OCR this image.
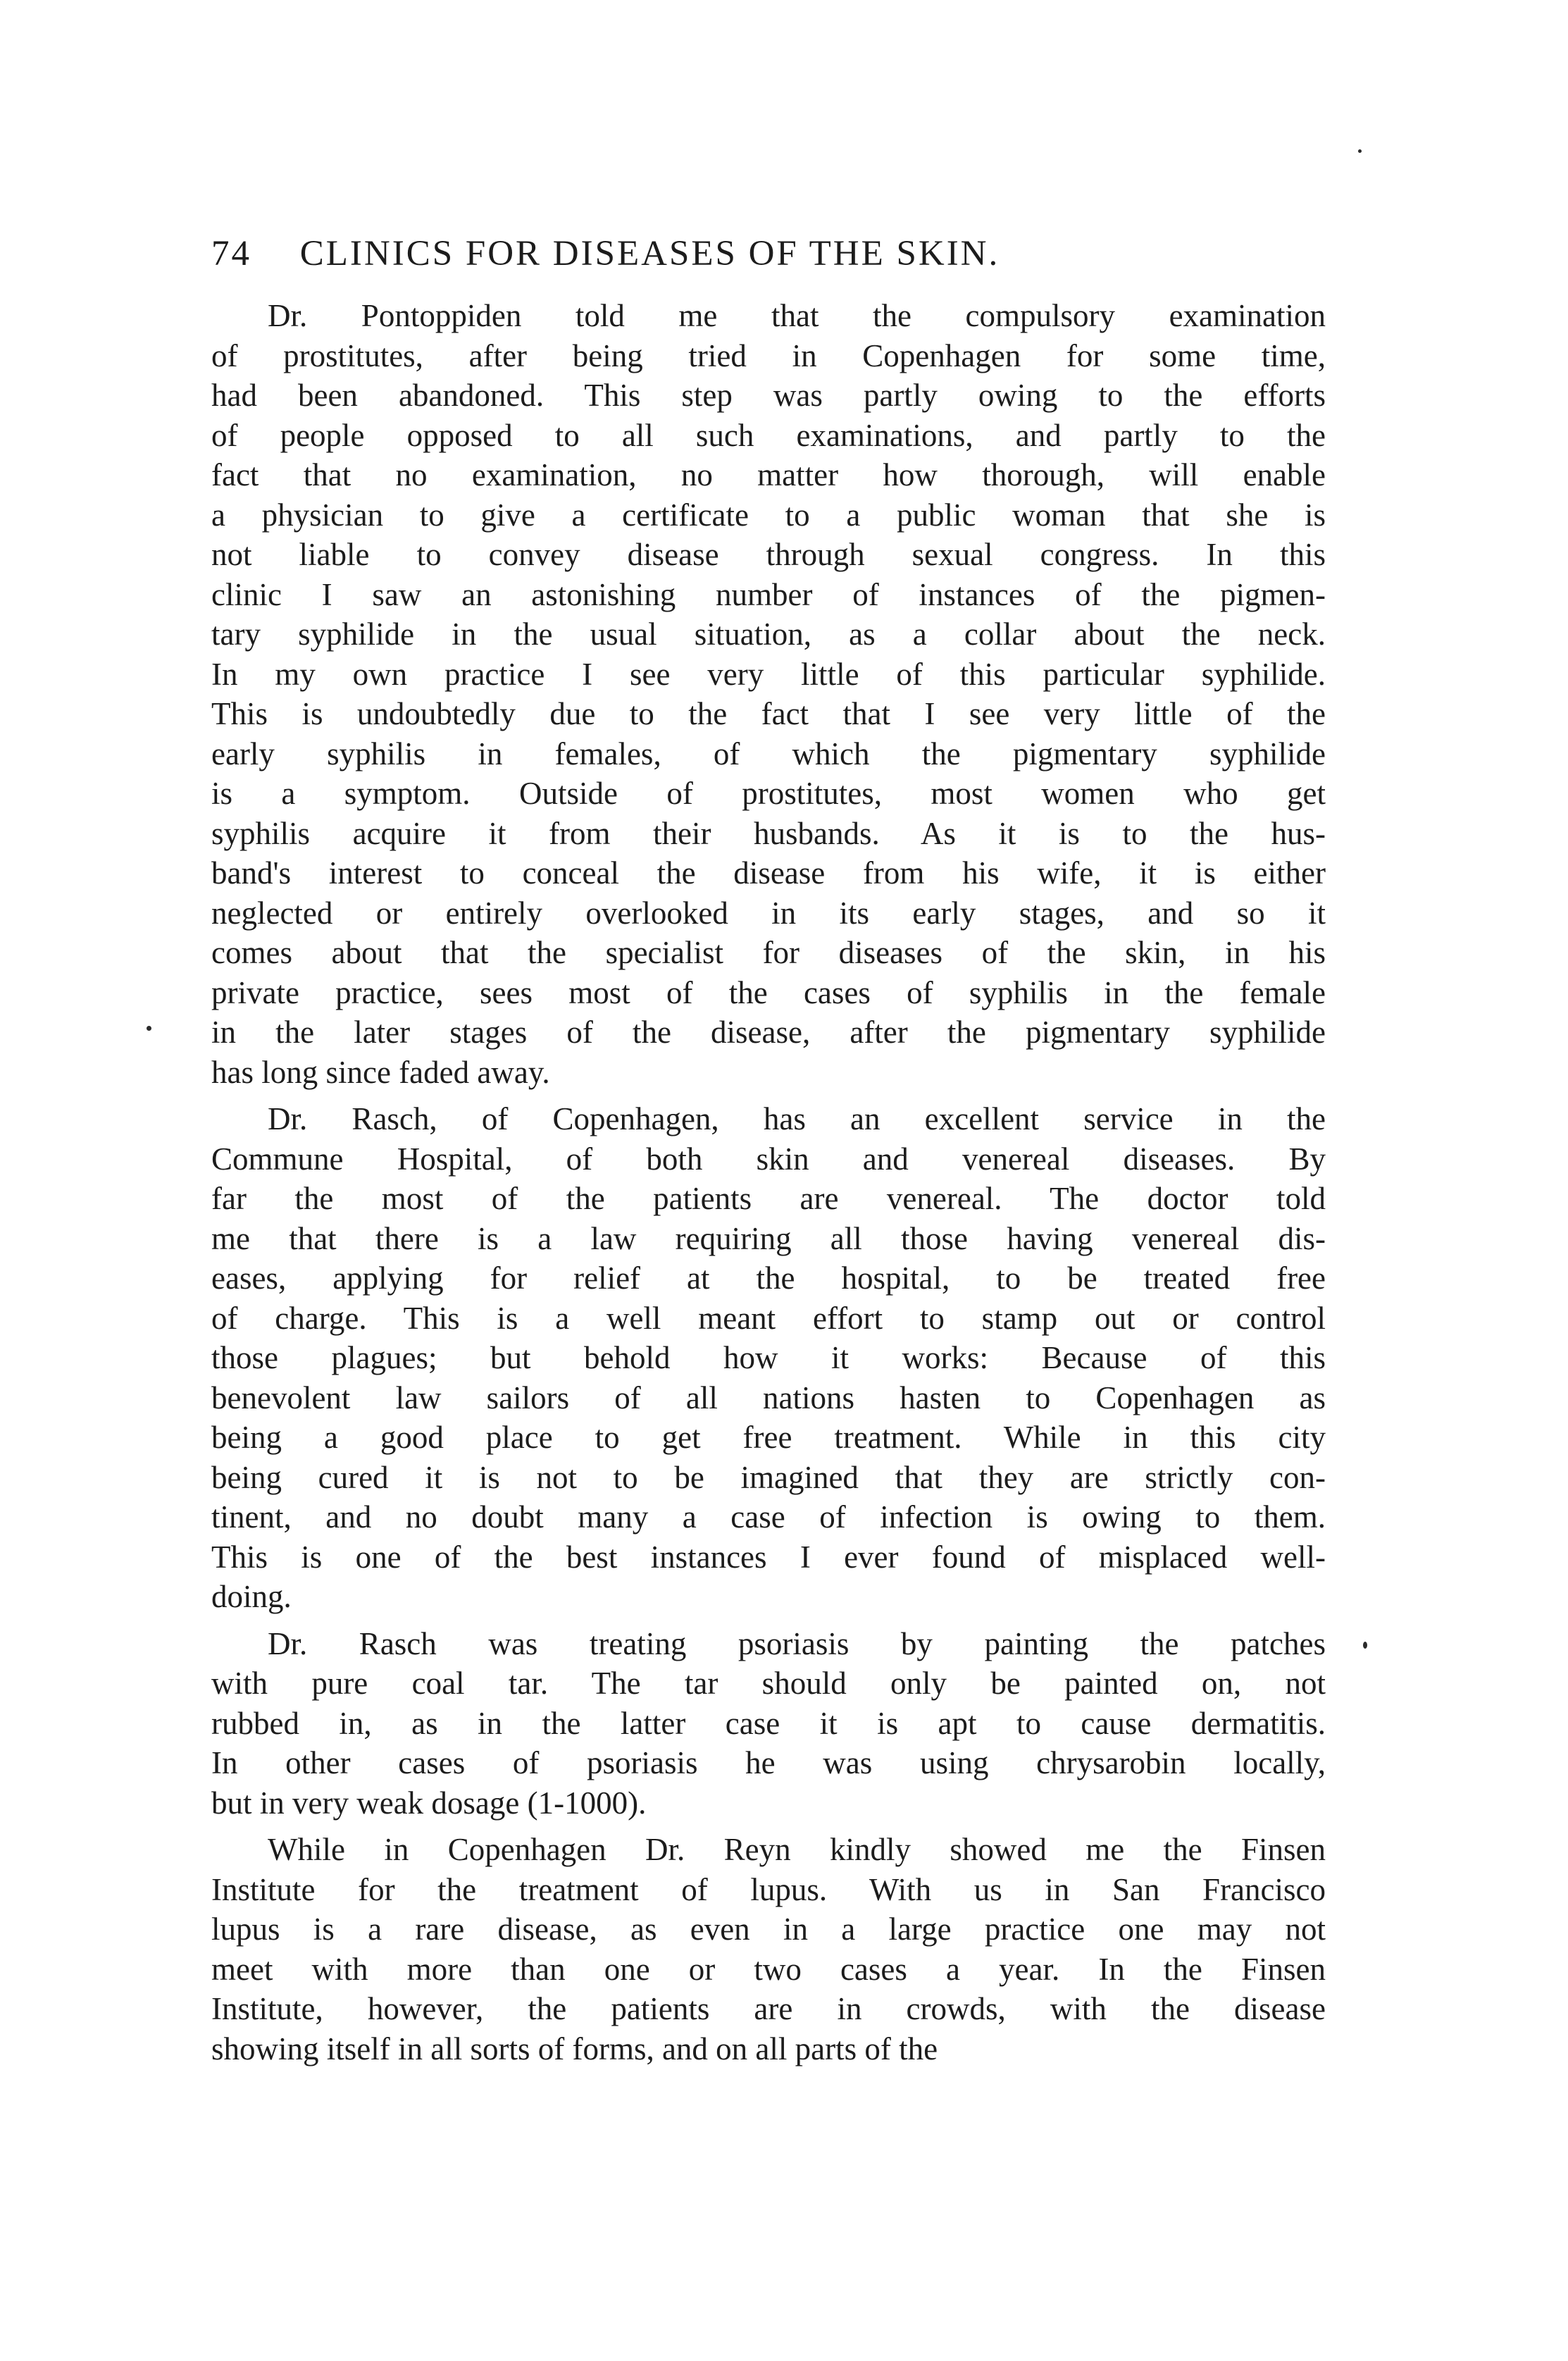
74 CLINICS FOR DISEASES OF THE SKIN.
Dr. Pontoppiden told me that the compulsory examination
of prostitutes, after being tried in Copenhagen for some time,
had been abandoned. This step was partly owing to the efforts
of people opposed to all such examinations, and partly to the
fact that no examination, no matter how thorough, will enable
a physician to give a certificate to a public woman that she is
not liable to convey disease through sexual congress. In this
clinic I saw an astonishing number of instances of the pigmen-
tary syphilide in the usual situation, as a collar about the neck.
In my own practice I see very little of this particular syphilide.
This is undoubtedly due to the fact that I see very little of the
early syphilis in females, of which the pigmentary syphilide
is a symptom. Outside of prostitutes, most women who get
syphilis acquire it from their husbands. As it is to the hus-
band's interest to conceal the disease from his wife, it is either
neglected or entirely overlooked in its early stages, and so it
comes about that the specialist for diseases of the skin, in his
private practice, sees most of the cases of syphilis in the female
in the later stages of the disease, after the pigmentary syphilide
has long since faded away.
Dr. Rasch, of Copenhagen, has an excellent service in the
Commune Hospital, of both skin and venereal diseases. By
far the most of the patients are venereal. The doctor told
me that there is a law requiring all those having venereal dis-
eases, applying for relief at the hospital, to be treated free
of charge. This is a well meant effort to stamp out or control
those plagues; but behold how it works: Because of this
benevolent law sailors of all nations hasten to Copenhagen as
being a good place to get free treatment. While in this city
being cured it is not to be imagined that they are strictly con-
tinent, and no doubt many a case of infection is owing to them.
This is one of the best instances I ever found of misplaced well-
doing.
Dr. Rasch was treating psoriasis by painting the patches
with pure coal tar. The tar should only be painted on, not
rubbed in, as in the latter case it is apt to cause dermatitis.
In other cases of psoriasis he was using chrysarobin locally,
but in very weak dosage (1-1000).
While in Copenhagen Dr. Reyn kindly showed me the Finsen
Institute for the treatment of lupus. With us in San Francisco
lupus is a rare disease, as even in a large practice one may not
meet with more than one or two cases a year. In the Finsen
Institute, however, the patients are in crowds, with the disease
showing itself in all sorts of forms, and on all parts of the
